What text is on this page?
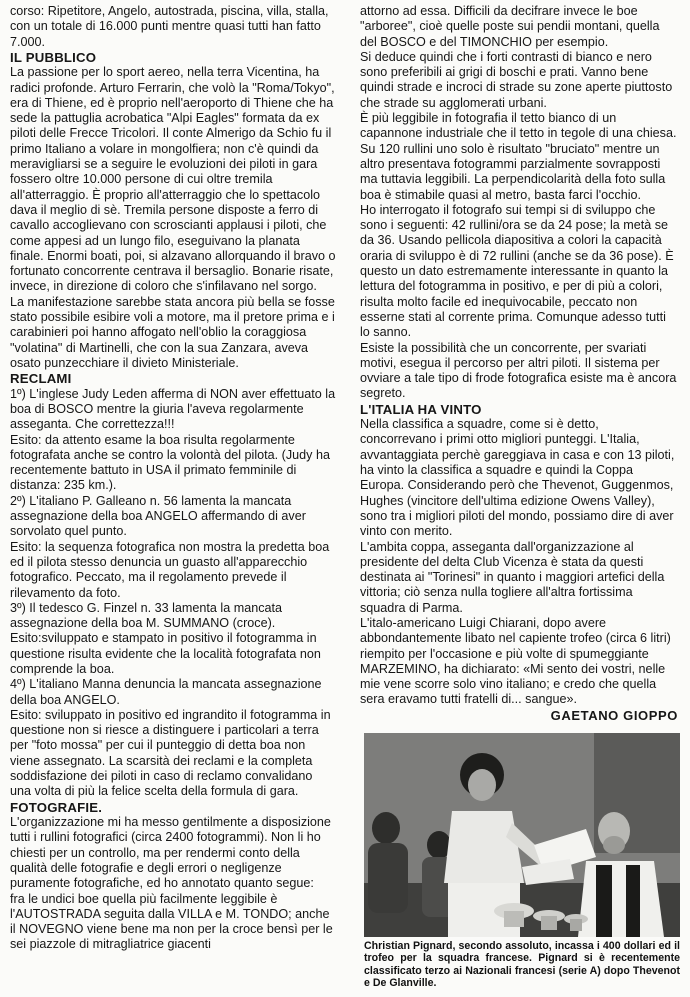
corso: Ripetitore, Angelo, autostrada, piscina, villa, stalla, con un totale di 16.000 punti mentre quasi tutti han fatto 7.000.

IL PUBBLICO

La passione per lo sport aereo, nella terra Vicentina, ha radici profonde. Arturo Ferrarin, che volò la "Roma/Tokyo", era di Thiene, ed è proprio nell'aeroporto di Thiene che ha sede la pattuglia acrobatica "Alpi Eagles" formata da ex piloti delle Frecce Tricolori. Il conte Almerigo da Schio fu il primo Italiano a volare in mongolfiera; non c'è quindi da meravigliarsi se a seguire le evoluzioni dei piloti in gara fossero oltre 10.000 persone di cui oltre tremila all'atterraggio. È proprio all'atterraggio che lo spettacolo dava il meglio di sè. Tremila persone disposte a ferro di cavallo accoglievano con scroscianti applausi i piloti, che come appesi ad un lungo filo, eseguivano la planata finale. Enormi boati, poi, si alzavano allorquando il bravo o fortunato concorrente centrava il bersaglio. Bonarie risate, invece, in direzione di coloro che s'infilavano nel sorgo.

La manifestazione sarebbe stata ancora più bella se fosse stato possibile esibire voli a motore, ma il pretore prima e i carabinieri poi hanno affogato nell'oblio la coraggiosa "volatina" di Martinelli, che con la sua Zanzara, aveva osato punzecchiare il divieto Ministeriale.

RECLAMI

1º) L'inglese Judy Leden afferma di NON aver effettuato la boa di BOSCO mentre la giuria l'aveva regolarmente asseganta. Che correttezza!!!

Esito: da attento esame la boa risulta regolarmente fotografata anche se contro la volontà del pilota. (Judy ha recentemente battuto in USA il primato femminile di distanza: 235 km.).

2º) L'italiano P. Galleano n. 56 lamenta la mancata assegnazione della boa ANGELO affermando di aver sorvolato quel punto.

Esito: la sequenza fotografica non mostra la predetta boa ed il pilota stesso denuncia un guasto all'apparecchio fotografico. Peccato, ma il regolamento prevede il rilevamento da foto.

3º) Il tedesco G. Finzel n. 33 lamenta la mancata assegnazione della boa M. SUMMANO (croce).

Esito:sviluppato e stampato in positivo il fotogramma in questione risulta evidente che la località fotografata non comprende la boa.

4º) L'italiano Manna denuncia la mancata assegnazione della boa ANGELO.

Esito: sviluppato in positivo ed ingrandito il fotogramma in questione non si riesce a distinguere i particolari a terra per "foto mossa" per cui il punteggio di detta boa non viene assegnato. La scarsità dei reclami e la completa soddisfazione dei piloti in caso di reclamo convalidano una volta di più la felice scelta della formula di gara.

FOTOGRAFIE.

L'organizzazione mi ha messo gentilmente a disposizione tutti i rullini fotografici (circa 2400 fotogrammi). Non li ho chiesti per un controllo, ma per rendermi conto della qualità delle fotografie e degli errori o negligenze puramente fotografiche, ed ho annotato quanto segue:

fra le undici boe quella più facilmente leggibile è l'AUTOSTRADA seguita dalla VILLA e M. TONDO; anche il NOVEGNO viene bene ma non per la croce bensì per le sei piazzole di mitragliatrice giacenti

attorno ad essa. Difficili da decifrare invece le boe "arboree", cioè quelle poste sui pendii montani, quella del BOSCO e del TIMONCHIO per esempio.

Si deduce quindi che i forti contrasti di bianco e nero sono preferibili ai grigi di boschi e prati. Vanno bene quindi strade e incroci di strade su zone aperte piuttosto che strade su agglomerati urbani.

È più leggibile in fotografia il tetto bianco di un capannone industriale che il tetto in tegole di una chiesa. Su 120 rullini uno solo è risultato "bruciato" mentre un altro presentava fotogrammi parzialmente sovrapposti ma tuttavia leggibili. La perpendicolarità della foto sulla boa è stimabile quasi al metro, basta farci l'occhio.

Ho interrogato il fotografo sui tempi si di sviluppo che sono i seguenti: 42 rullini/ora se da 24 pose; la metà se da 36. Usando pellicola diapositiva a colori la capacità oraria di sviluppo è di 72 rullini (anche se da 36 pose). È questo un dato estremamente interessante in quanto la lettura del fotogramma in positivo, e per di più a colori, risulta molto facile ed inequivocabile, peccato non esserne stati al corrente prima. Comunque adesso tutti lo sanno.

Esiste la possibilità che un concorrente, per svariati motivi, esegua il percorso per altri piloti. Il sistema per ovviare a tale tipo di frode fotografica esiste ma è ancora segreto.

L'ITALIA HA VINTO

Nella classifica a squadre, come si è detto, concorrevano i primi otto migliori punteggi. L'Italia, avvantaggiata perchè gareggiava in casa e con 13 piloti, ha vinto la classifica a squadre e quindi la Coppa Europa. Considerando però che Thevenot, Guggenmos, Hughes (vincitore dell'ultima edizione Owens Valley), sono tra i migliori piloti del mondo, possiamo dire di aver vinto con merito.

L'ambita coppa, asseganta dall'organizzazione al presidente del delta Club Vicenza è stata da questi destinata ai "Torinesi" in quanto i maggiori artefici della vittoria; ciò senza nulla togliere all'altra fortissima squadra di Parma.

L'italo-americano Luigi Chiarani, dopo avere abbondantemente libato nel capiente trofeo (circa 6 litri) riempito per l'occasione e più volte di spumeggiante MARZEMINO, ha dichiarato: «Mi sento dei vostri, nelle mie vene scorre solo vino italiano; e credo che quella sera eravamo tutti fratelli di... sangue».

GAETANO GIOPPO

Christian Pignard, secondo assoluto, incassa i 400 dollari ed il trofeo per la squadra francese. Pignard si è recentemente classificato terzo ai Nazionali francesi (serie A) dopo Thevenot e De Glanville.
